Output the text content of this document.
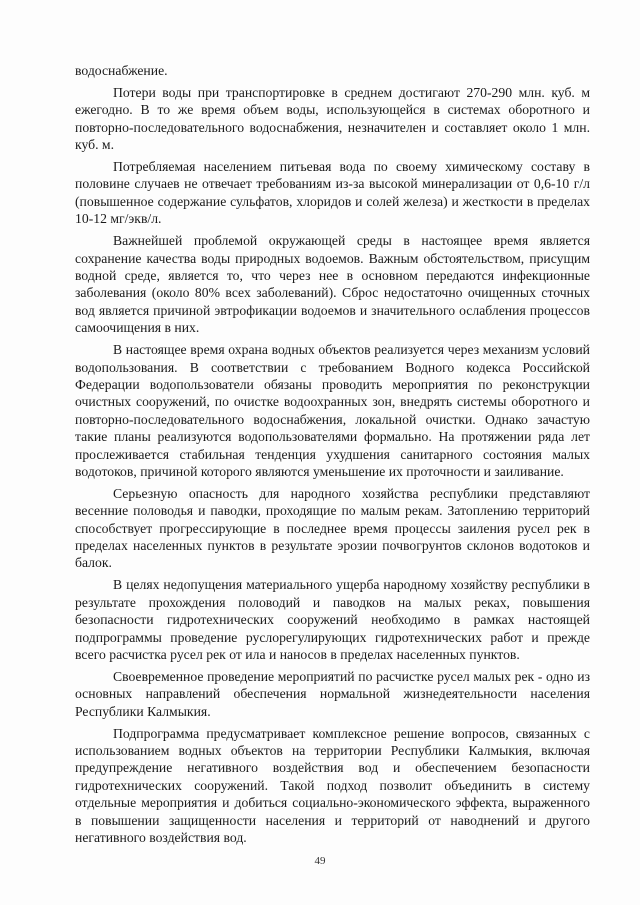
водоснабжение.

Потери воды при транспортировке в среднем достигают 270-290 млн. куб. м ежегодно. В то же время объем воды, использующейся в системах оборотного и повторно-последовательного водоснабжения, незначителен и составляет около 1 млн. куб. м.

Потребляемая населением питьевая вода по своему химическому составу в половине случаев не отвечает требованиям из-за высокой минерализации от 0,6-10 г/л (повышенное содержание сульфатов, хлоридов и солей железа) и жесткости в пределах 10-12 мг/экв/л.

Важнейшей проблемой окружающей среды в настоящее время является сохранение качества воды природных водоемов. Важным обстоятельством, присущим водной среде, является то, что через нее в основном передаются инфекционные заболевания (около 80% всех заболеваний). Сброс недостаточно очищенных сточных вод является причиной эвтрофикации водоемов и значительного ослабления процессов самоочищения в них.

В настоящее время охрана водных объектов реализуется через механизм условий водопользования. В соответствии с требованием Водного кодекса Российской Федерации водопользователи обязаны проводить мероприятия по реконструкции очистных сооружений, по очистке водоохранных зон, внедрять системы оборотного и повторно-последовательного водоснабжения, локальной очистки. Однако зачастую такие планы реализуются водопользователями формально. На протяжении ряда лет прослеживается стабильная тенденция ухудшения санитарного состояния малых водотоков, причиной которого являются уменьшение их проточности и заиливание.

Серьезную опасность для народного хозяйства республики представляют весенние половодья и паводки, проходящие по малым рекам. Затоплению территорий способствует прогрессирующие в последнее время процессы заиления русел рек в пределах населенных пунктов в результате эрозии почвогрунтов склонов водотоков и балок.

В целях недопущения материального ущерба народному хозяйству республики в результате прохождения половодий и паводков на малых реках, повышения безопасности гидротехнических сооружений необходимо в рамках настоящей подпрограммы проведение руслорегулирующих гидротехнических работ и прежде всего расчистка русел рек от ила и наносов в пределах населенных пунктов.

Своевременное проведение мероприятий по расчистке русел малых рек - одно из основных направлений обеспечения нормальной жизнедеятельности населения Республики Калмыкия.

Подпрограмма предусматривает комплексное решение вопросов, связанных с использованием водных объектов на территории Республики Калмыкия, включая предупреждение негативного воздействия вод и обеспечением безопасности гидротехнических сооружений. Такой подход позволит объединить в систему отдельные мероприятия и добиться социально-экономического эффекта, выраженного в повышении защищенности населения и территорий от наводнений и другого негативного воздействия вод.

49
